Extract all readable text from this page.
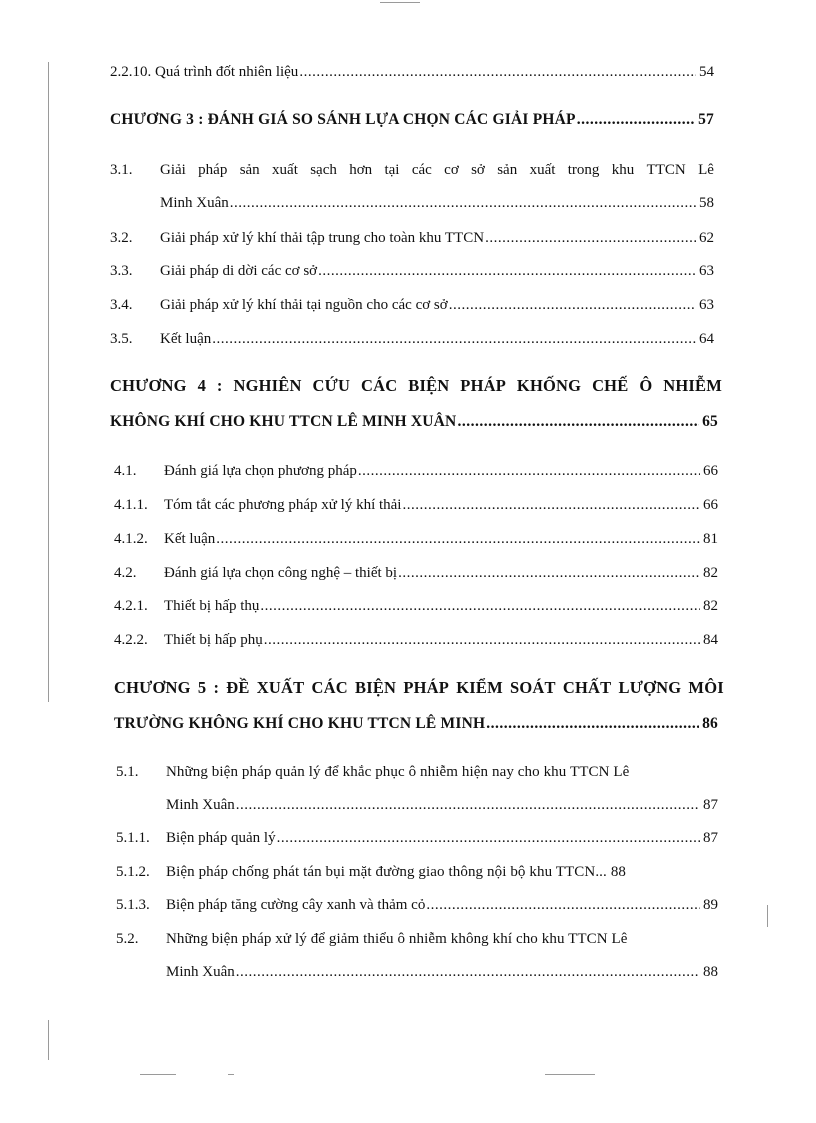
2.2.10. Quá trình đốt nhiên liệu .....	54
CHƯƠNG 3 : ĐÁNH GIÁ SO SÁNH LỰA CHỌN CÁC GIẢI PHÁP .....	57
3.1. Giải pháp sản xuất sạch hơn tại các cơ sở sản xuất trong khu TTCN Lê
Minh Xuân .....	58
3.2.	Giải pháp xử lý khí thải tập trung cho toàn khu TTCN .....	62
3.3.	Giải pháp di dời các cơ sở .....	63
3.4.	Giải pháp xử lý khí thải tại nguồn cho các cơ sở .....	63
3.5.	Kết luận .....	64
CHƯƠNG 4 : NGHIÊN CỨU CÁC BIỆN PHÁP KHỐNG CHẾ Ô NHIỄM
KHÔNG KHÍ CHO KHU TTCN LÊ MINH XUÂN .....	65
4.1.	Đánh giá lựa chọn phương pháp .....	66
4.1.1.	Tóm tắt các phương pháp xử lý khí thải .....	66
4.1.2.	Kết luận .....	81
4.2.	Đánh giá lựa chọn công nghệ – thiết bị .....	82
4.2.1.	Thiết bị hấp thụ .....	82
4.2.2.	Thiết bị hấp phụ .....	84
CHƯƠNG 5 : ĐỀ XUẤT CÁC BIỆN PHÁP KIỂM SOÁT CHẤT LƯỢNG MÔI
TRƯỜNG KHÔNG KHÍ CHO KHU TTCN LÊ MINH .....	86
5.1. Những biện pháp quản lý để khắc phục ô nhiễm hiện nay cho khu TTCN Lê
Minh Xuân .....	87
5.1.1.	Biện pháp quản lý .....	87
5.1.2.	Biện pháp chống phát tán bụi mặt đường giao thông nội bộ khu TTCN... 88
5.1.3.	Biện pháp tăng cường cây xanh và thảm cỏ .....	89
5.2. Những biện pháp xử lý để giảm thiểu ô nhiễm không khí cho khu TTCN Lê
Minh Xuân .....	88
